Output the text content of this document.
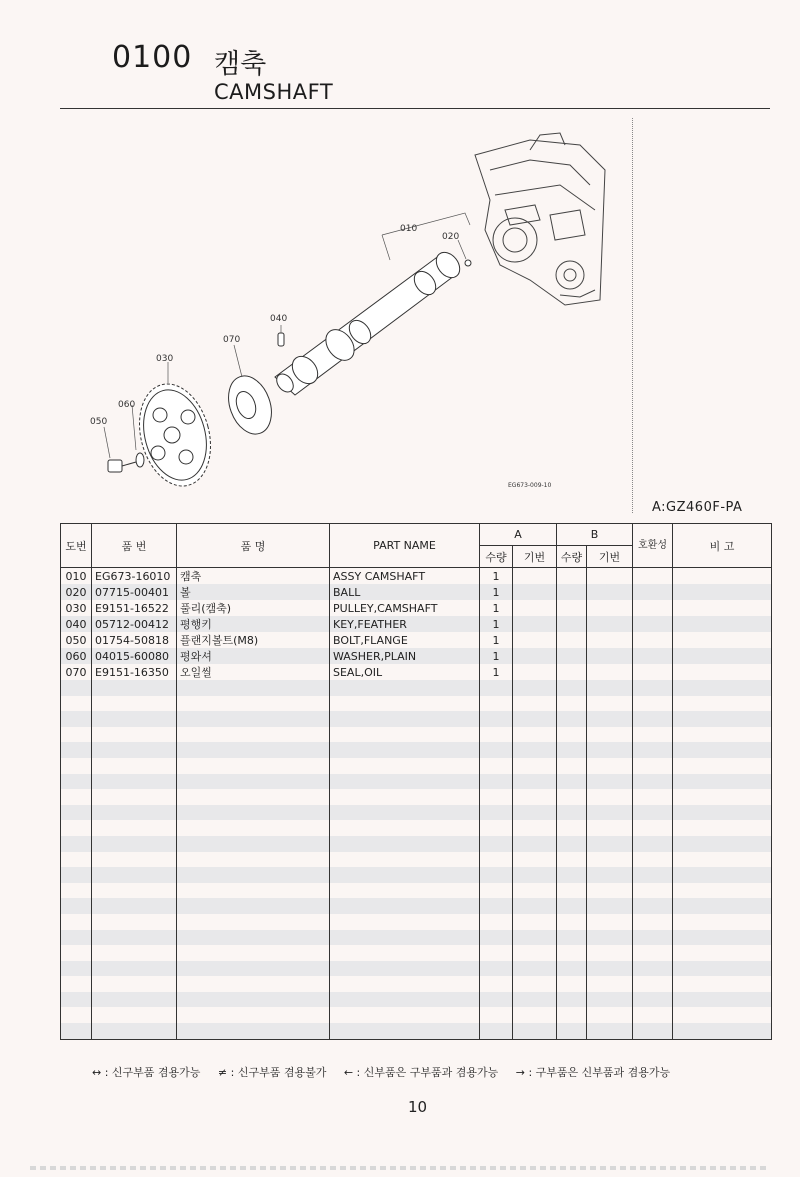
0100 캠축
CAMSHAFT
010
020
030
040
050
060
070
EG673-009-10
A:GZ460F-PA
도번	품 번	품 명	PART NAME	A		B		호환성	비 고
				수량	기번	수량	기번		
010	EG673-16010	캠축	ASSY CAMSHAFT	1					
020	07715-00401	볼	BALL	1					
030	E9151-16522	풀리(캠축)	PULLEY,CAMSHAFT	1					
040	05712-00412	평행키	KEY,FEATHER	1					
050	01754-50818	플랜지볼트(M8)	BOLT,FLANGE	1					
060	04015-60080	평와셔	WASHER,PLAIN	1					
070	E9151-16350	오일씰	SEAL,OIL	1					

↔ : 신구부품 겸용가능 ≠ : 신구부품 겸용불가 ← : 신부품은 구부품과 겸용가능 → : 구부품은 신부품과 겸용가능
10
